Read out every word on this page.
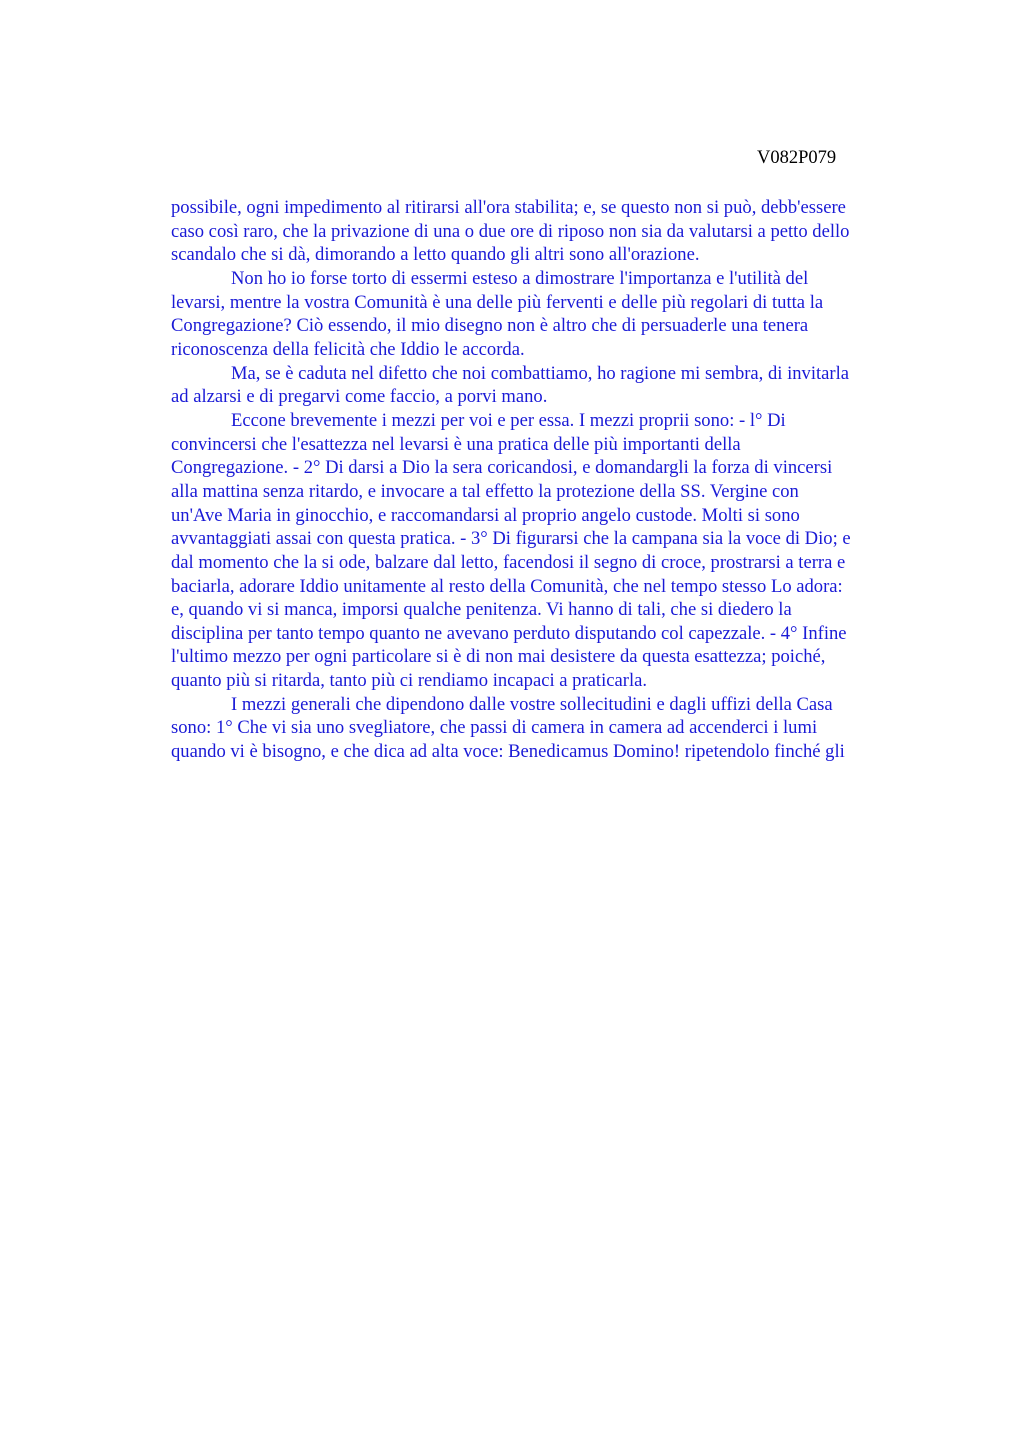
V082P079
possibile, ogni impedimento al ritirarsi all'ora stabilita; e, se questo non si può, debb'essere
caso così raro, che la privazione di una o due ore di riposo non sia da valutarsi a petto dello
scandalo che si dà, dimorando a letto quando gli altri sono all'orazione.
Non ho io forse torto di essermi esteso a dimostrare l'importanza e l'utilità del
levarsi, mentre la vostra Comunità è una delle più ferventi e delle più regolari di tutta la
Congregazione? Ciò essendo, il mio disegno non è altro che di persuaderle una tenera
riconoscenza della felicità che Iddio le accorda.
Ma, se è caduta nel difetto che noi combattiamo, ho ragione mi sembra, di invitarla
ad alzarsi e di pregarvi come faccio, a porvi mano.
Eccone brevemente i mezzi per voi e per essa. I mezzi proprii sono: - l° Di
convincersi che l'esattezza nel levarsi è una pratica delle più importanti della
Congregazione. - 2° Di darsi a Dio la sera coricandosi, e domandargli la forza di vincersi
alla mattina senza ritardo, e invocare a tal effetto la protezione della SS. Vergine con
un'Ave Maria in ginocchio, e raccomandarsi al proprio angelo custode. Molti si sono
avvantaggiati assai con questa pratica. - 3° Di figurarsi che la campana sia la voce di Dio; e
dal momento che la si ode, balzare dal letto, facendosi il segno di croce, prostrarsi a terra e
baciarla, adorare Iddio unitamente al resto della Comunità, che nel tempo stesso Lo adora:
e, quando vi si manca, imporsi qualche penitenza. Vi hanno di tali, che si diedero la
disciplina per tanto tempo quanto ne avevano perduto disputando col capezzale. - 4° Infine
l'ultimo mezzo per ogni particolare si è di non mai desistere da questa esattezza; poiché,
quanto più si ritarda, tanto più ci rendiamo incapaci a praticarla.
I mezzi generali che dipendono dalle vostre sollecitudini e dagli uffizi della Casa
sono: 1° Che vi sia uno svegliatore, che passi di camera in camera ad accenderci i lumi
quando vi è bisogno, e che dica ad alta voce: Benedicamus Domino! ripetendolo finché gli
